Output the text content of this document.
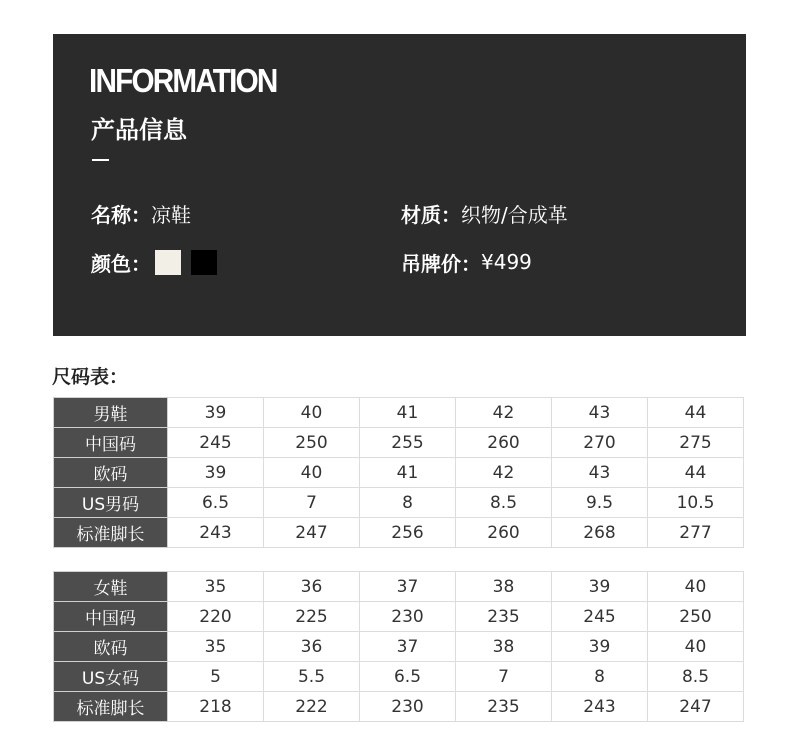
INFORMATION
产品信息
名称： 凉鞋	材质： 织物/合成革
颜色：	吊牌价： ¥499
尺码表：
男鞋	39	40	41	42	43	44
中国码	245	250	255	260	270	275
欧码	39	40	41	42	43	44
US男码	6.5	7	8	8.5	9.5	10.5
标准脚长	243	247	256	260	268	277
女鞋	35	36	37	38	39	40
中国码	220	225	230	235	245	250
欧码	35	36	37	38	39	40
US女码	5	5.5	6.5	7	8	8.5
标准脚长	218	222	230	235	243	247
